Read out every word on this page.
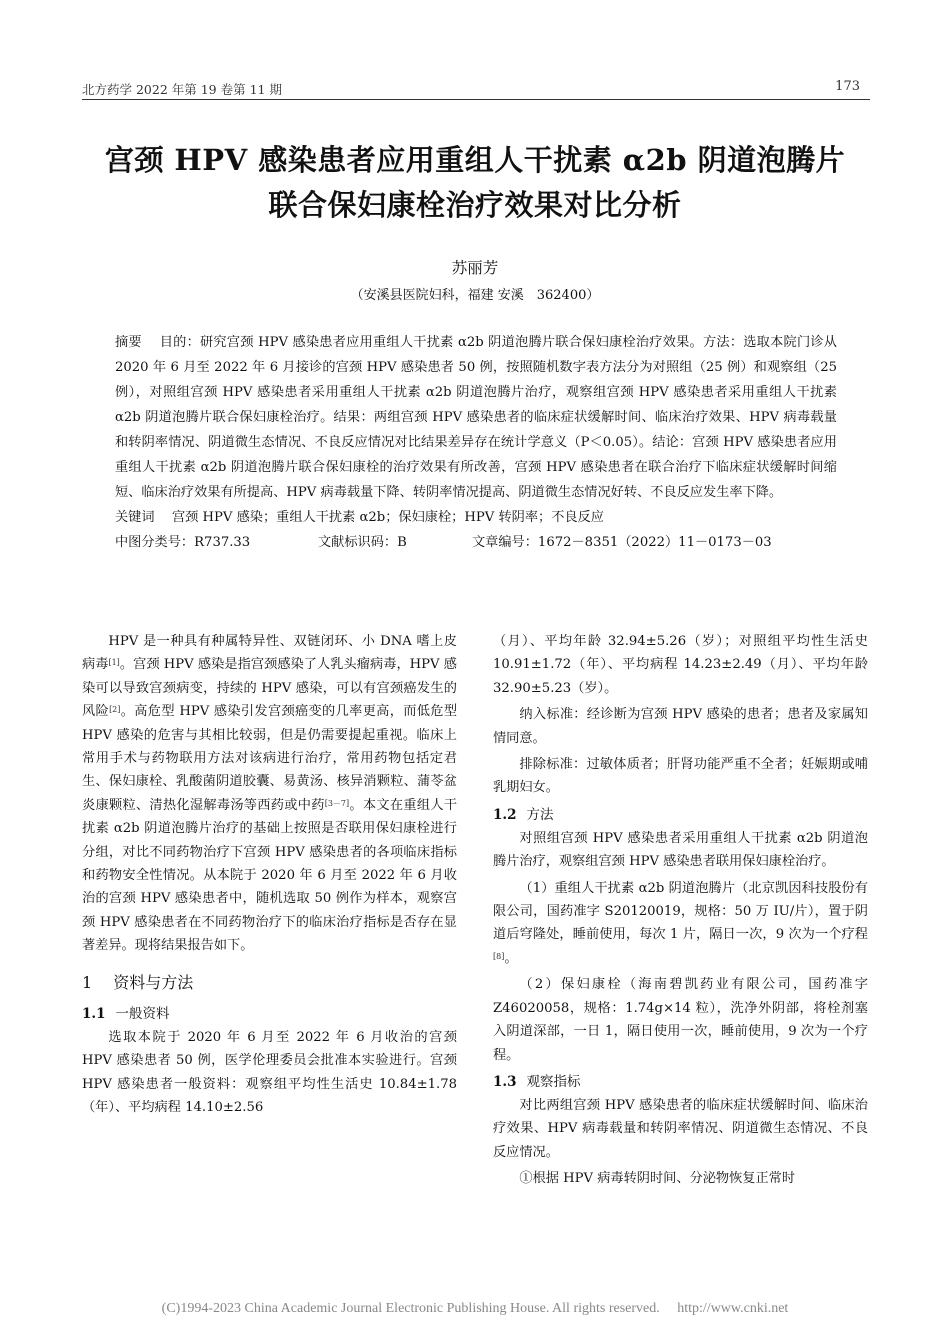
北方药学 2022 年第 19 卷第 11 期	173
宫颈 HPV 感染患者应用重组人干扰素 α2b 阴道泡腾片
联合保妇康栓治疗效果对比分析
苏丽芳
（安溪县医院妇科，福建 安溪　362400）
摘要　 目的：研究宫颈 HPV 感染患者应用重组人干扰素 α2b 阴道泡腾片联合保妇康栓治疗效果。方法：选取本院门诊从 2020 年 6 月至 2022 年 6 月接诊的宫颈 HPV 感染患者 50 例，按照随机数字表方法分为对照组（25 例）和观察组（25 例），对照组宫颈 HPV 感染患者采用重组人干扰素 α2b 阴道泡腾片治疗，观察组宫颈 HPV 感染患者采用重组人干扰素 α2b 阴道泡腾片联合保妇康栓治疗。结果：两组宫颈 HPV 感染患者的临床症状缓解时间、临床治疗效果、HPV 病毒载量和转阴率情况、阴道微生态情况、不良反应情况对比结果差异存在统计学意义（P＜0.05）。结论：宫颈 HPV 感染患者应用重组人干扰素 α2b 阴道泡腾片联合保妇康栓的治疗效果有所改善，宫颈 HPV 感染患者在联合治疗下临床症状缓解时间缩短、临床治疗效果有所提高、HPV 病毒载量下降、转阴率情况提高、阴道微生态情况好转、不良反应发生率下降。
关键词　 宫颈 HPV 感染；重组人干扰素 α2b；保妇康栓；HPV 转阴率；不良反应
中图分类号：R737.33	文献标识码：B	文章编号：1672－8351（2022）11－0173－03

HPV 是一种具有种属特异性、双链闭环、小 DNA 嗜上皮病毒[1]。宫颈 HPV 感染是指宫颈感染了人乳头瘤病毒，HPV 感染可以导致宫颈病变，持续的 HPV 感染，可以有宫颈癌发生的风险[2]。高危型 HPV 感染引发宫颈癌变的几率更高，而低危型 HPV 感染的危害与其相比较弱，但是仍需要提起重视。临床上常用手术与药物联用方法对该病进行治疗，常用药物包括定君生、保妇康栓、乳酸菌阴道胶囊、易黄汤、核异消颗粒、蒲苓盆炎康颗粒、清热化湿解毒汤等西药或中药[3－7]。本文在重组人干扰素 α2b 阴道泡腾片治疗的基础上按照是否联用保妇康栓进行分组，对比不同药物治疗下宫颈 HPV 感染患者的各项临床指标和药物安全性情况。从本院于 2020 年 6 月至 2022 年 6 月收治的宫颈 HPV 感染患者中，随机选取 50 例作为样本，观察宫颈 HPV 感染患者在不同药物治疗下的临床治疗指标是否存在显著差异。现将结果报告如下。

1　 资料与方法
1.1 一般资料

选取本院于 2020 年 6 月至 2022 年 6 月收治的宫颈 HPV 感染患者 50 例，医学伦理委员会批准本实验进行。宫颈 HPV 感染患者一般资料：观察组平均性生活史 10.84±1.78（年）、平均病程 14.10±2.56

（月）、平均年龄 32.94±5.26（岁）；对照组平均性生活史 10.91±1.72（年）、平均病程 14.23±2.49（月）、平均年龄 32.90±5.23（岁）。

纳入标准：经诊断为宫颈 HPV 感染的患者；患者及家属知情同意。

排除标准：过敏体质者；肝肾功能严重不全者；妊娠期或哺乳期妇女。

1.2 方法

对照组宫颈 HPV 感染患者采用重组人干扰素 α2b 阴道泡腾片治疗，观察组宫颈 HPV 感染患者联用保妇康栓治疗。

（1）重组人干扰素 α2b 阴道泡腾片（北京凯因科技股份有限公司，国药准字 S20120019，规格：50 万 IU/片），置于阴道后穹隆处，睡前使用，每次 1 片，隔日一次，9 次为一个疗程[8]。

（2）保妇康栓（海南碧凯药业有限公司，国药准字 Z46020058，规格：1.74g×14 粒），洗净外阴部，将栓剂塞入阴道深部，一日 1，隔日使用一次，睡前使用，9 次为一个疗程。

1.3 观察指标

对比两组宫颈 HPV 感染患者的临床症状缓解时间、临床治疗效果、HPV 病毒载量和转阴率情况、阴道微生态情况、不良反应情况。

①根据 HPV 病毒转阴时间、分泌物恢复正常时

(C)1994-2023 China Academic Journal Electronic Publishing House. All rights reserved.　 http://www.cnki.net
